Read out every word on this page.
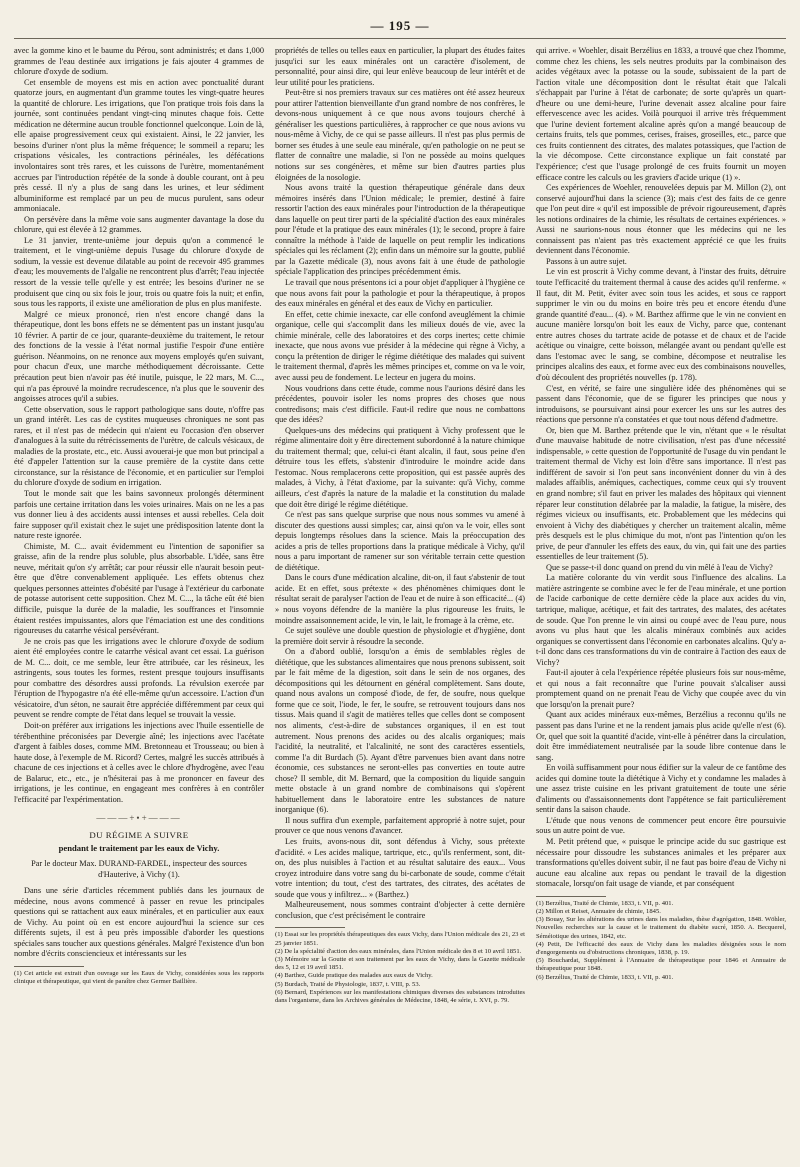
— 195 —

avec la gomme kino et le baume du Pérou, sont administrés; et dans 1,000 grammes de l'eau destinée aux irrigations je fais ajouter 4 grammes de chlorure d'oxyde de sodium.

Cet ensemble de moyens est mis en action avec ponctualité durant quatorze jours, en augmentant d'un gramme toutes les vingt-quatre heures la quantité de chlorure. Les irrigations, que l'on pratique trois fois dans la journée, sont continuées pendant vingt-cinq minutes chaque fois. Cette médication ne détermine aucun trouble fonctionnel quelconque. Loin de là, elle apaise progressivement ceux qui existaient. Ainsi, le 22 janvier, les besoins d'uriner n'ont plus la même fréquence; le sommeil a reparu; les crispations vésicales, les contractions périnéales, les défécations involontaires sont très rares, et les cuissons de l'urètre, momentanément accrues par l'introduction répétée de la sonde à double courant, ont à peu près cessé. Il n'y a plus de sang dans les urines, et leur sédiment albuminiforme est remplacé par un peu de mucus purulent, sans odeur ammoniacale.

On persévère dans la même voie sans augmenter davantage la dose du chlorure, qui est élevée à 12 grammes.

Le 31 janvier, trente-unième jour depuis qu'on a commencé le traitement, et le vingt-unième depuis l'usage du chlorure d'oxyde de sodium, la vessie est devenue dilatable au point de recevoir 495 grammes d'eau; les mouvements de l'algalie ne rencontrent plus d'arrêt; l'eau injectée ressort de la vessie telle qu'elle y est entrée; les besoins d'uriner ne se produisent que cinq ou six fois le jour, trois ou quatre fois la nuit; et enfin, sous tous les rapports, il existe une amélioration de plus en plus manifeste.

Malgré ce mieux prononcé, rien n'est encore changé dans la thérapeutique, dont les bons effets ne se démentent pas un instant jusqu'au 10 février. A partir de ce jour, quarante-deuxième du traitement, le retour des fonctions de la vessie à l'état normal justifie l'espoir d'une entière guérison. Néanmoins, on ne renonce aux moyens employés qu'en suivant, pour chacun d'eux, une marche méthodiquement décroissante. Cette précaution peut bien n'avoir pas été inutile, puisque, le 22 mars, M. C..., qui n'a pas éprouvé la moindre recrudescence, n'a plus que le souvenir des angoisses atroces qu'il a subies.

Cette observation, sous le rapport pathologique sans doute, n'offre pas un grand intérêt. Les cas de cystites muqueuses chroniques ne sont pas rares, et il n'est pas de médecin qui n'aient eu l'occasion d'en observer d'analogues à la suite du rétrécissements de l'urètre, de calculs vésicaux, de maladies de la prostate, etc., etc. Aussi avouerai-je que mon but principal a été d'appeler l'attention sur la cause première de la cystite dans cette circonstance, sur la résistance de l'économie, et en particulier sur l'emploi du chlorure d'oxyde de sodium en irrigation.

Tout le monde sait que les bains savonneux prolongés déterminent parfois une certaine irritation dans les voies urinaires. Mais on ne les a pas vus donner lieu à des accidents aussi intenses et aussi rebelles. Cela doit faire supposer qu'il existait chez le sujet une prédisposition latente dont la nature reste ignorée.

Chimiste, M. C... avait évidemment eu l'intention de saponifier sa graisse, afin de la rendre plus soluble, plus absorbable. L'idée, sans être neuve, méritait qu'on s'y arrêtât; car pour réussir elle n'aurait besoin peut-être que d'être convenablement appliquée. Les effets obtenus chez quelques personnes atteintes d'obésité par l'usage à l'extérieur du carbonate de potasse autorisent cette supposition. Chez M. C..., la tâche eût été bien difficile, puisque la durée de la maladie, les souffrances et l'insomnie étaient restées impuissantes, alors que l'émaciation est une des conditions rigoureuses du catarrhe vésical persévérant.

Je ne crois pas que les irrigations avec le chlorure d'oxyde de sodium aient été employées contre le catarrhe vésical avant cet essai. La guérison de M. C... doit, ce me semble, leur être attribuée, car les résineux, les astringents, sous toutes les formes, restent presque toujours insuffisants pour combattre des désordres aussi profonds. La révulsion exercée par l'éruption de l'hypogastre n'a été elle-même qu'un accessoire. L'action d'un vésicatoire, d'un séton, ne saurait être appréciée différemment par ceux qui peuvent se rendre compte de l'état dans lequel se trouvait la vessie.

Doit-on préférer aux irrigations les injections avec l'huile essentielle de térébenthine préconisées par Devergie aîné; les injections avec l'acétate d'argent à faibles doses, comme MM. Bretonneau et Trousseau; ou bien à haute dose, à l'exemple de M. Ricord? Certes, malgré les succès attribués à chacune de ces injections et à celles avec le chlore d'hydrogène, avec l'eau de Balaruc, etc., etc., je n'hésiterai pas à me prononcer en faveur des irrigations, je les continue, en engageant mes confrères à en contrôler l'efficacité par l'expérimentation.

———+•+———
DU RÉGIME A SUIVRE
pendant le traitement par les eaux de Vichy.
Par le docteur Max. DURAND-FARDEL, inspecteur des sources d'Hauterive, à Vichy (1).

Dans une série d'articles récemment publiés dans les journaux de médecine, nous avons commencé à passer en revue les principales questions qui se rattachent aux eaux minérales, et en particulier aux eaux de Vichy. Au point où en est encore aujourd'hui la science sur ces différents sujets, il est à peu près impossible d'aborder les questions spéciales sans toucher aux questions générales. Malgré l'existence d'un bon nombre d'écrits consciencieux et intéressants sur les

(1) Cet article est extrait d'un ouvrage sur les Eaux de Vichy, considérées sous les rapports clinique et thérapeutique, qui vient de paraître chez Germer Baillière.

propriétés de telles ou telles eaux en particulier, la plupart des études faites jusqu'ici sur les eaux minérales ont un caractère d'isolement, de personnalité, pour ainsi dire, qui leur enlève beaucoup de leur intérêt et de leur utilité pour les praticiens.

Peut-être si nos premiers travaux sur ces matières ont été assez heureux pour attirer l'attention bienveillante d'un grand nombre de nos confrères, le devons-nous uniquement à ce que nous avons toujours cherché à généraliser les questions particulières, à rapprocher ce que nous avions vu nous-même à Vichy, de ce qui se passe ailleurs. Il n'est pas plus permis de borner ses études à une seule eau minérale, qu'en pathologie on ne peut se flatter de connaître une maladie, si l'on ne possède au moins quelques notions sur ses congénères, et même sur bien d'autres parties plus éloignées de la nosologie.

Nous avons traité la question thérapeutique générale dans deux mémoires insérés dans l'Union médicale; le premier, destiné à faire ressortir l'action des eaux minérales pour l'introduction de la thérapeutique dans laquelle on peut tirer parti de la spécialité d'action des eaux minérales pour l'étude et la pratique des eaux minérales (1); le second, propre à faire connaître la méthode à l'aide de laquelle on peut remplir les indications spéciales qui les réclament (2); enfin dans un mémoire sur la goutte, publié par la Gazette médicale (3), nous avons fait à une étude de pathologie spéciale l'application des principes précédemment émis.

Le travail que nous présentons ici a pour objet d'appliquer à l'hygiène ce que nous avons fait pour la pathologie et pour la thérapeutique, à propos des eaux minérales en général et des eaux de Vichy en particulier.

En effet, cette chimie inexacte, car elle confond aveuglément la chimie organique, celle qui s'accomplit dans les milieux doués de vie, avec la chimie minérale, celle des laboratoires et des corps inertes; cette chimie inexacte, que nous avons vue présider à la médecine qui règne à Vichy, a conçu la prétention de diriger le régime diététique des malades qui suivent le traitement thermal, d'après les mêmes principes et, comme on va le voir, avec aussi peu de fondement. Le lecteur en jugera du moins.

Nous voudrions dans cette étude, comme nous l'aurions désiré dans les précédentes, pouvoir isoler les noms propres des choses que nous contredisons; mais c'est difficile. Faut-il redire que nous ne combattons que des idées?

Quelques-uns des médecins qui pratiquent à Vichy professent que le régime alimentaire doit y être directement subordonné à la nature chimique du traitement thermal; que, celui-ci étant alcalin, il faut, sous peine d'en détruire tous les effets, s'abstenir d'introduire le moindre acide dans l'estomac. Nous remplacerons cette proposition, qui est passée auprès des malades, à Vichy, à l'état d'axiome, par la suivante: qu'à Vichy, comme ailleurs, c'est d'après la nature de la maladie et la constitution du malade que doit être dirigé le régime diététique.

Ce n'est pas sans quelque surprise que nous nous sommes vu amené à discuter des questions aussi simples; car, ainsi qu'on va le voir, elles sont depuis longtemps résolues dans la science. Mais la préoccupation des acides a pris de telles proportions dans la pratique médicale à Vichy, qu'il nous a paru important de ramener sur son véritable terrain cette question de diététique.

Dans le cours d'une médication alcaline, dit-on, il faut s'abstenir de tout acide. Et en effet, sous prétexte « des phénomènes chimiques dont le résultat serait de paralyser l'action de l'eau et de nuire à son efficacité... (4) » nous voyons défendre de la manière la plus rigoureuse les fruits, le moindre assaisonnement acide, le vin, le lait, le fromage à la crème, etc.

Ce sujet soulève une double question de physiologie et d'hygiène, dont la première doit servir à résoudre la seconde.

On a d'abord oublié, lorsqu'on a émis de semblables règles de diététique, que les substances alimentaires que nous prenons subissent, soit par le fait même de la digestion, soit dans le sein de nos organes, des décompositions qui les détournent en général complètement. Sans doute, quand nous avalons un composé d'iode, de fer, de soufre, nous quelque forme que ce soit, l'iode, le fer, le soufre, se retrouvent toujours dans nos tissus. Mais quand il s'agit de matières telles que celles dont se composent nos aliments, c'est-à-dire de substances organiques, il en est tout autrement. Nous prenons des acides ou des alcalis organiques; mais l'acidité, la neutralité, et l'alcalinité, ne sont des caractères essentiels, comme l'a dit Burdach (5). Ayant d'être parvenues bien avant dans notre économie, ces substances ne seront-elles pas converties en toute autre chose? Il semble, dit M. Bernard, que la composition du liquide sanguin mette obstacle à un grand nombre de combinaisons qui s'opèrent habituellement dans le laboratoire entre les substances de nature inorganique (6).

Il nous suffira d'un exemple, parfaitement approprié à notre sujet, pour prouver ce que nous venons d'avancer.

Les fruits, avons-nous dit, sont défendus à Vichy, sous prétexte d'acidité. « Les acides malique, tartrique, etc., qu'ils renferment, sont, dit-on, des plus nuisibles à l'action et au résultat salutaire des eaux... Vous croyez introduire dans votre sang du bi-carbonate de soude, comme c'était votre intention; du tout, c'est des tartrates, des citrates, des acétates de soude que vous y infiltrez... » (Barthez.)

Malheureusement, nous sommes contraint d'objecter à cette dernière conclusion, que c'est précisément le contraire

(1) Essai sur les propriétés thérapeutiques des eaux Vichy, dans l'Union médicale des 21, 23 et 25 janvier 1851.
(2) De la spécialité d'action des eaux minérales, dans l'Union médicale des 8 et 10 avril 1851.
(3) Mémoire sur la Goutte et son traitement par les eaux de Vichy, dans la Gazette médicale des 5, 12 et 19 avril 1851.
(4) Barthez, Guide pratique des malades aux eaux de Vichy.
(5) Burdach, Traité de Physiologie, 1837, t. VIII, p. 53.
(6) Bernard, Expériences sur les manifestations chimiques diverses des substances introduites dans l'organisme, dans les Archives générales de Médecine, 1848, 4e série, t. XVI, p. 79.

qui arrive. « Woehler, disait Berzélius en 1833, a trouvé que chez l'homme, comme chez les chiens, les sels neutres produits par la combinaison des acides végétaux avec la potasse ou la soude, subissaient de la part de l'action vitale une décomposition dont le résultat était que l'alcali s'échappait par l'urine à l'état de carbonate; de sorte qu'après un quart-d'heure ou une demi-heure, l'urine devenait assez alcaline pour faire effervescence avec les acides. Voilà pourquoi il arrive très fréquemment que l'urine devient fortement alcaline après qu'on a mangé beaucoup de certains fruits, tels que pommes, cerises, fraises, groseilles, etc., parce que ces fruits contiennent des citrates, des malates potassiques, que l'action de la vie décompose. Cette circonstance explique un fait constaté par l'expérience; c'est que l'usage prolongé de ces fruits fournit un moyen efficace contre les calculs ou les graviers d'acide urique (1) ».

Ces expériences de Woehler, renouvelées depuis par M. Millon (2), ont conservé aujourd'hui dans la science (3); mais c'est des faits de ce genre que l'on peut dire « qu'il est impossible de prévoir rigoureusement, d'après les notions ordinaires de la chimie, les résultats de certaines expériences. » Aussi ne saurions-nous nous étonner que les médecins qui ne les connaissent pas n'aient pas très exactement apprécié ce que les fruits deviennent dans l'économie.

Passons à un autre sujet.

Le vin est proscrit à Vichy comme devant, à l'instar des fruits, détruire toute l'efficacité du traitement thermal à cause des acides qu'il renferme. « Il faut, dit M. Petit, éviter avec soin tous les acides, et sous ce rapport supprimer le vin ou du moins en boire très peu et encore étendu d'une grande quantité d'eau... (4). » M. Barthez affirme que le vin ne convient en aucune manière lorsqu'on boit les eaux de Vichy, parce que, contenant entre autres choses du tartrate acide de potasse et de chaux et de l'acide acétique ou vinaigre, cette boisson, mélangée avant ou pendant qu'elle est dans l'estomac avec le sang, se combine, décompose et neutralise les principes alcalins des eaux, et forme avec eux des combinaisons nouvelles, d'où découlent des propriétés nouvelles (p. 178).

C'est, en vérité, se faire une singulière idée des phénomènes qui se passent dans l'économie, que de se figurer les principes que nous y introduisons, se poursuivant ainsi pour exercer les uns sur les autres des réactions que personne n'a constatées et que tout nous défend d'admettre.

Or, bien que M. Barthez prétende que le vin, n'étant que « le résultat d'une mauvaise habitude de notre civilisation, n'est pas d'une nécessité indispensable, » cette question de l'opportunité de l'usage du vin pendant le traitement thermal de Vichy est loin d'être sans importance. Il n'est pas indifférent de savoir si l'on peut sans inconvénient donner du vin à des malades affaiblis, anémiques, cachectiques, comme ceux qui s'y trouvent en grand nombre; s'il faut en priver les malades des hôpitaux qui viennent réparer leur constitution délabrée par la maladie, la fatigue, la misère, des régimes vicieux ou insuffisants, etc. Probablement que les médecins qui envoient à Vichy des diabétiques y chercher un traitement alcalin, même près desquels est le plus chimique du mot, n'ont pas l'intention qu'on les prive, de peur d'annuler les effets des eaux, du vin, qui fait une des parties essentielles de leur traitement (5).

Que se passe-t-il donc quand on prend du vin mêlé à l'eau de Vichy?

La matière colorante du vin verdit sous l'influence des alcalins. La matière astringente se combine avec le fer de l'eau minérale, et une portion de l'acide carbonique de cette dernière cède la place aux acides du vin, tartrique, malique, acétique, et fait des tartrates, des malates, des acétates de soude. Que l'on prenne le vin ainsi ou coupé avec de l'eau pure, nous avons vu plus haut que les alcalis minéraux combinés aux acides organiques se convertissent dans l'économie en carbonates alcalins. Qu'y a-t-il donc dans ces transformations du vin de contraire à l'action des eaux de Vichy?

Faut-il ajouter à cela l'expérience répétée plusieurs fois sur nous-même, et qui nous a fait reconnaître que l'urine pouvait s'alcaliser aussi promptement quand on ne prenait l'eau de Vichy que coupée avec du vin que lorsqu'on la prenait pure?

Quant aux acides minéraux eux-mêmes, Berzélius a reconnu qu'ils ne passent pas dans l'urine et ne la rendent jamais plus acide qu'elle n'est (6). Or, quel que soit la quantité d'acide, vint-elle à pénétrer dans la circulation, doit être immédiatement neutralisée par la soude libre contenue dans le sang.

En voilà suffisamment pour nous édifier sur la valeur de ce fantôme des acides qui domine toute la diététique à Vichy et y condamne les malades à une assez triste cuisine en les privant gratuitement de toute une série d'aliments ou d'assaisonnements dont l'appétence se fait particulièrement sentir dans la saison chaude.

L'étude que nous venons de commencer peut encore être poursuivie sous un autre point de vue.

M. Petit prétend que, « puisque le principe acide du suc gastrique est nécessaire pour dissoudre les substances animales et les préparer aux transformations qu'elles doivent subir, il ne faut pas boire d'eau de Vichy ni aucune eau alcaline aux repas ou pendant le travail de la digestion stomacale, lorsqu'on fait usage de viande, et par conséquent

(1) Berzélius, Traité de Chimie, 1833, t. VII, p. 401.
(2) Millon et Reiset, Annuaire de chimie, 1845.
(3) Bouay, Sur les altérations des urines dans les maladies, thèse d'agrégation, 1848. Wöhler, Nouvelles recherches sur la cause et le traitement du diabète sucré, 1850. A. Becquerel, Séméiotique des urines, 1842, etc.
(4) Petit, De l'efficacité des eaux de Vichy dans les maladies désignées sous le nom d'engorgements ou d'obstructions chroniques, 1838, p. 19.
(5) Bouchardat, Supplément à l'Annuaire de thérapeutique pour 1846 et Annuaire de thérapeutique pour 1848.
(6) Berzélius, Traité de Chimie, 1833, t. VII, p. 401.
